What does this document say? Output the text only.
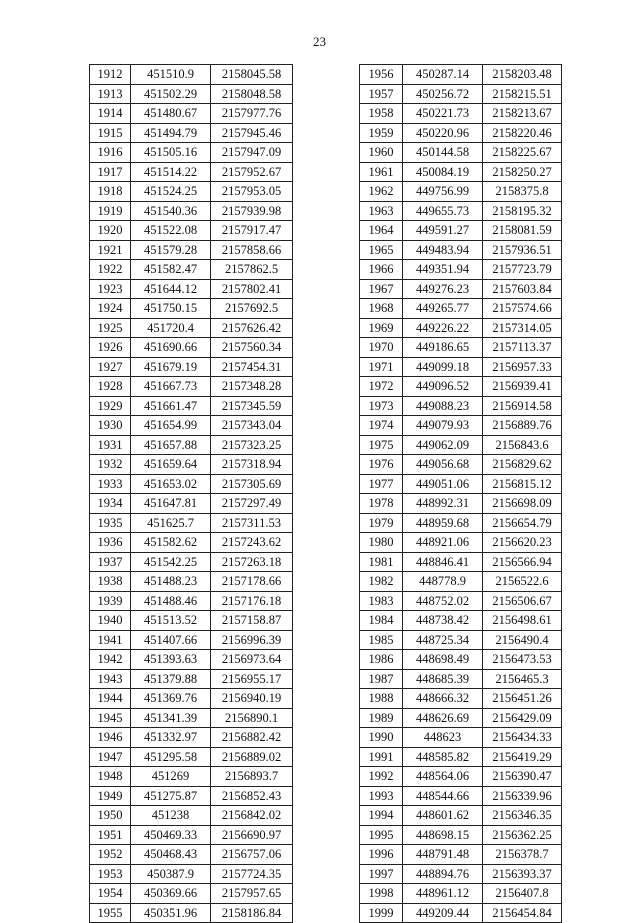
23
1912	451510.9	2158045.58
1913	451502.29	2158048.58
1914	451480.67	2157977.76
1915	451494.79	2157945.46
1916	451505.16	2157947.09
1917	451514.22	2157952.67
1918	451524.25	2157953.05
1919	451540.36	2157939.98
1920	451522.08	2157917.47
1921	451579.28	2157858.66
1922	451582.47	2157862.5
1923	451644.12	2157802.41
1924	451750.15	2157692.5
1925	451720.4	2157626.42
1926	451690.66	2157560.34
1927	451679.19	2157454.31
1928	451667.73	2157348.28
1929	451661.47	2157345.59
1930	451654.99	2157343.04
1931	451657.88	2157323.25
1932	451659.64	2157318.94
1933	451653.02	2157305.69
1934	451647.81	2157297.49
1935	451625.7	2157311.53
1936	451582.62	2157243.62
1937	451542.25	2157263.18
1938	451488.23	2157178.66
1939	451488.46	2157176.18
1940	451513.52	2157158.87
1941	451407.66	2156996.39
1942	451393.63	2156973.64
1943	451379.88	2156955.17
1944	451369.76	2156940.19
1945	451341.39	2156890.1
1946	451332.97	2156882.42
1947	451295.58	2156889.02
1948	451269	2156893.7
1949	451275.87	2156852.43
1950	451238	2156842.02
1951	450469.33	2156690.97
1952	450468.43	2156757.06
1953	450387.9	2157724.35
1954	450369.66	2157957.65
1955	450351.96	2158186.84
1956	450287.14	2158203.48
1957	450256.72	2158215.51
1958	450221.73	2158213.67
1959	450220.96	2158220.46
1960	450144.58	2158225.67
1961	450084.19	2158250.27
1962	449756.99	2158375.8
1963	449655.73	2158195.32
1964	449591.27	2158081.59
1965	449483.94	2157936.51
1966	449351.94	2157723.79
1967	449276.23	2157603.84
1968	449265.77	2157574.66
1969	449226.22	2157314.05
1970	449186.65	2157113.37
1971	449099.18	2156957.33
1972	449096.52	2156939.41
1973	449088.23	2156914.58
1974	449079.93	2156889.76
1975	449062.09	2156843.6
1976	449056.68	2156829.62
1977	449051.06	2156815.12
1978	448992.31	2156698.09
1979	448959.68	2156654.79
1980	448921.06	2156620.23
1981	448846.41	2156566.94
1982	448778.9	2156522.6
1983	448752.02	2156506.67
1984	448738.42	2156498.61
1985	448725.34	2156490.4
1986	448698.49	2156473.53
1987	448685.39	2156465.3
1988	448666.32	2156451.26
1989	448626.69	2156429.09
1990	448623	2156434.33
1991	448585.82	2156419.29
1992	448564.06	2156390.47
1993	448544.66	2156339.96
1994	448601.62	2156346.35
1995	448698.15	2156362.25
1996	448791.48	2156378.7
1997	448894.76	2156393.37
1998	448961.12	2156407.8
1999	449209.44	2156454.84
